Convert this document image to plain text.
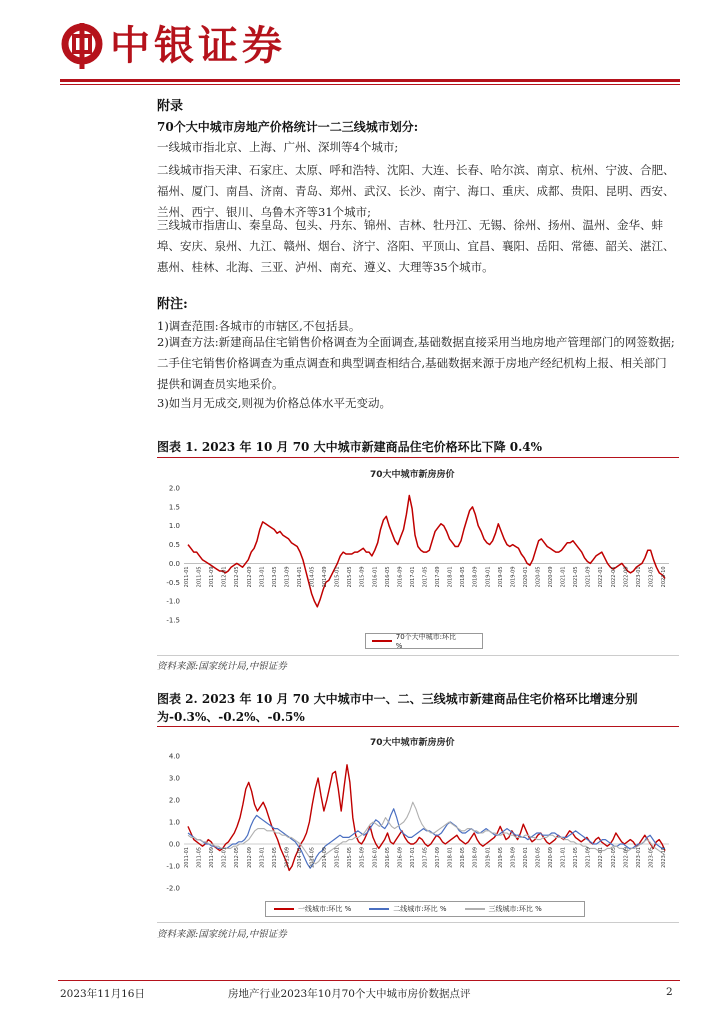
中银证券
附录
70个大中城市房地产价格统计一二三线城市划分:
一线城市指北京、上海、广州、深圳等4个城市;
二线城市指天津、石家庄、太原、呼和浩特、沈阳、大连、长春、哈尔滨、南京、杭州、宁波、合肥、福州、厦门、南昌、济南、青岛、郑州、武汉、长沙、南宁、海口、重庆、成都、贵阳、昆明、西安、兰州、西宁、银川、乌鲁木齐等31个城市;
三线城市指唐山、秦皇岛、包头、丹东、锦州、吉林、牡丹江、无锡、徐州、扬州、温州、金华、蚌埠、安庆、泉州、九江、赣州、烟台、济宁、洛阳、平顶山、宜昌、襄阳、岳阳、常德、韶关、湛江、惠州、桂林、北海、三亚、泸州、南充、遵义、大理等35个城市。
附注:
1)调查范围:各城市的市辖区,不包括县。
2)调查方法:新建商品住宅销售价格调查为全面调查,基础数据直接采用当地房地产管理部门的网签数据;二手住宅销售价格调查为重点调查和典型调查相结合,基础数据来源于房地产经纪机构上报、相关部门提供和调查员实地采价。
3)如当月无成交,则视为价格总体水平无变动。
图表 1. 2023 年 10 月 70 大中城市新建商品住宅价格环比下降 0.4%
70大中城市新房房价
2.0
1.5
1.0
0.5
0.0
-0.5
-1.0
-1.5
2011-01 2011-05 2011-09 2012-01 2012-05 2012-09 2013-01 2013-05 2013-09 2014-01 2014-05 2014-09 2015-01 2015-05 2015-09 2016-01 2016-05 2016-09 2017-01 2017-05 2017-09 2018-01 2018-05 2018-09 2019-01 2019-05 2019-09 2020-01 2020-05 2020-09 2021-01 2021-05 2021-09 2022-01 2022-05 2022-09 2023-01 2023-05 2023-10
70个大中城市:环比 %
资料来源:国家统计局,中银证券
图表 2. 2023 年 10 月 70 大中城市中一、二、三线城市新建商品住宅价格环比增速分别为-0.3%、-0.2%、-0.5%
70大中城市新房房价
4.0
3.0
2.0
1.0
0.0
-1.0
-2.0
2011-01 2011-05 2011-09 2012-01 2012-05 2012-09 2013-01 2013-05 2013-09 2014-01 2014-05 2014-09 2015-01 2015-05 2015-09 2016-01 2016-05 2016-09 2017-01 2017-05 2017-09 2018-01 2018-05 2018-09 2019-01 2019-05 2019-09 2020-01 2020-05 2020-09 2021-01 2021-05 2021-09 2022-01 2022-05 2022-09 2023-01 2023-05 2023-10
一线城市:环比 %	二线城市:环比 %	三线城市:环比 %
资料来源:国家统计局,中银证券
2023年11月16日	房地产行业2023年10月70个大中城市房价数据点评	2
